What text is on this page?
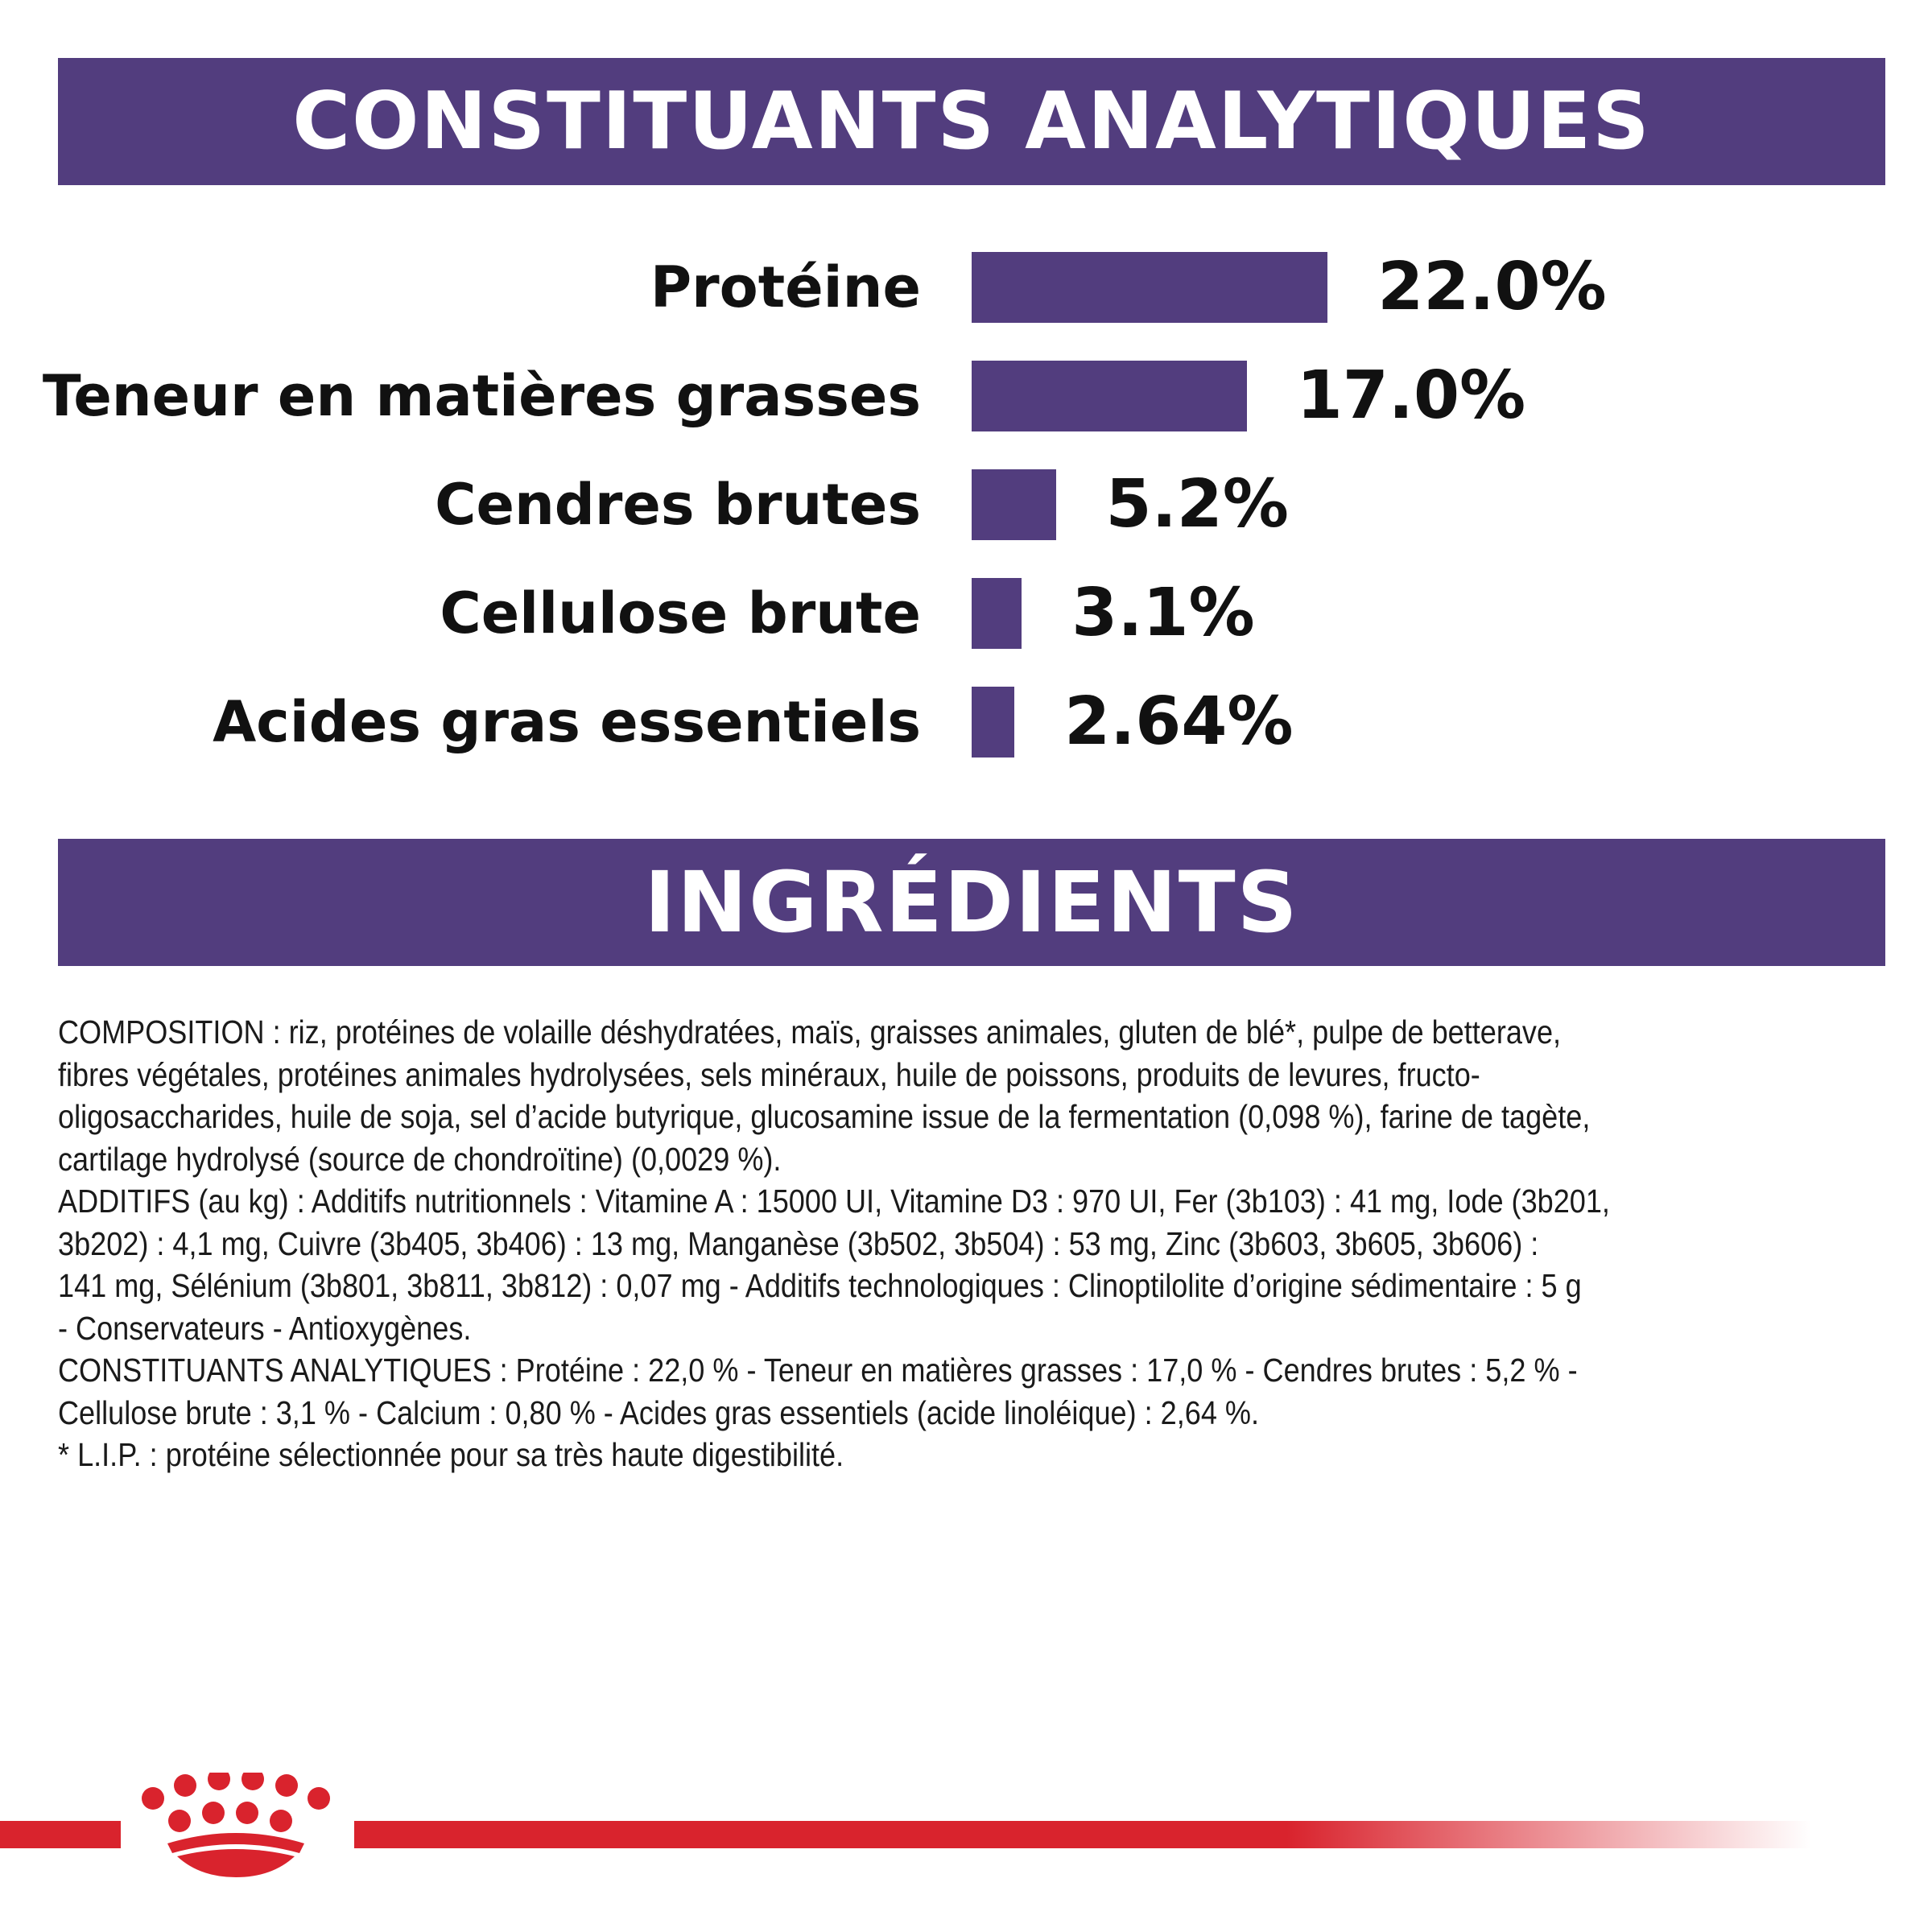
CONSTITUANTS ANALYTIQUES
Protéine	22.0%
Teneur en matières grasses	17.0%
Cendres brutes	5.2%
Cellulose brute 3.1%
Acides gras essentiels 2.64%
INGRÉDIENTS

COMPOSITION : riz, protéines de volaille déshydratées, maïs, graisses animales, gluten de blé*, pulpe de betterave,

fibres végétales, protéines animales hydrolysées, sels minéraux, huile de poissons, produits de levures, fructo-

oligosaccharides, huile de soja, sel d’acide butyrique, glucosamine issue de la fermentation (0,098 %), farine de tagète,

cartilage hydrolysé (source de chondroïtine) (0,0029 %).

ADDITIFS (au kg) : Additifs nutritionnels : Vitamine A : 15000 UI, Vitamine D3 : 970 UI, Fer (3b103) : 41 mg, Iode (3b201,

3b202) : 4,1 mg, Cuivre (3b405, 3b406) : 13 mg, Manganèse (3b502, 3b504) : 53 mg, Zinc (3b603, 3b605, 3b606) :

141 mg, Sélénium (3b801, 3b811, 3b812) : 0,07 mg - Additifs technologiques : Clinoptilolite d’origine sédimentaire : 5 g

- Conservateurs - Antioxygènes.

CONSTITUANTS ANALYTIQUES : Protéine : 22,0 % - Teneur en matières grasses : 17,0 % - Cendres brutes : 5,2 % -

Cellulose brute : 3,1 % - Calcium : 0,80 % - Acides gras essentiels (acide linoléique) : 2,64 %.

* L.I.P. : protéine sélectionnée pour sa très haute digestibilité.
